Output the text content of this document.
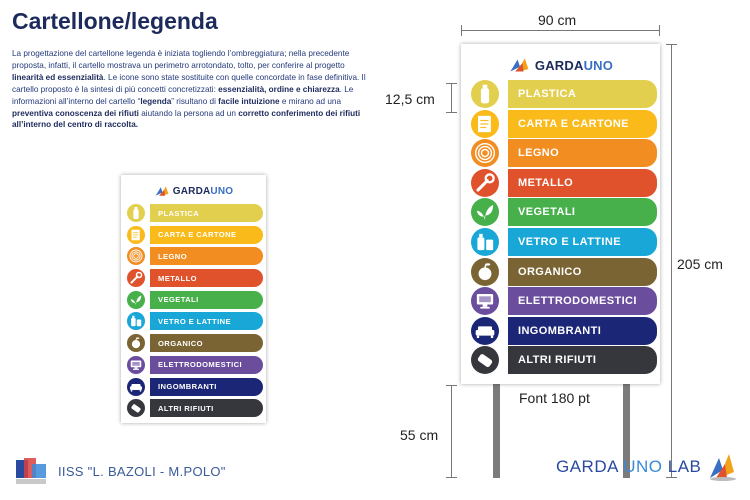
Cartellone/legenda
La progettazione del cartellone legenda è iniziata togliendo l’ombreggiatura; nella precedente proposta, infatti, il cartello mostrava un perimetro arrotondato, tolto, per conferire al progetto linearità ed essenzialità. Le icone sono state sostituite con quelle concordate in fase definitiva. Il cartello proposto è la sintesi di più concetti concretizzati: essenzialità, ordine e chiarezza. Le informazioni all’interno del cartello “legenda” risultano di facile intuizione e mirano ad una preventiva conoscenza dei rifiuti aiutando la persona ad un corretto conferimento dei rifiuti all’interno del centro di raccolta.
GARDAUNO
PLASTICA
CARTA E CARTONE
LEGNO
METALLO
VEGETALI
VETRO E LATTINE
ORGANICO
ELETTRODOMESTICI
INGOMBRANTI
ALTRI RIFIUTI
90 cm
205 cm
12,5 cm
55 cm
GARDAUNO
PLASTICA
CARTA E CARTONE
LEGNO
METALLO
VEGETALI
VETRO E LATTINE
ORGANICO
ELETTRODOMESTICI
INGOMBRANTI
ALTRI RIFIUTI
Font 180 pt
IISS "L. BAZOLI - M.POLO"	GARDA UNO LAB
